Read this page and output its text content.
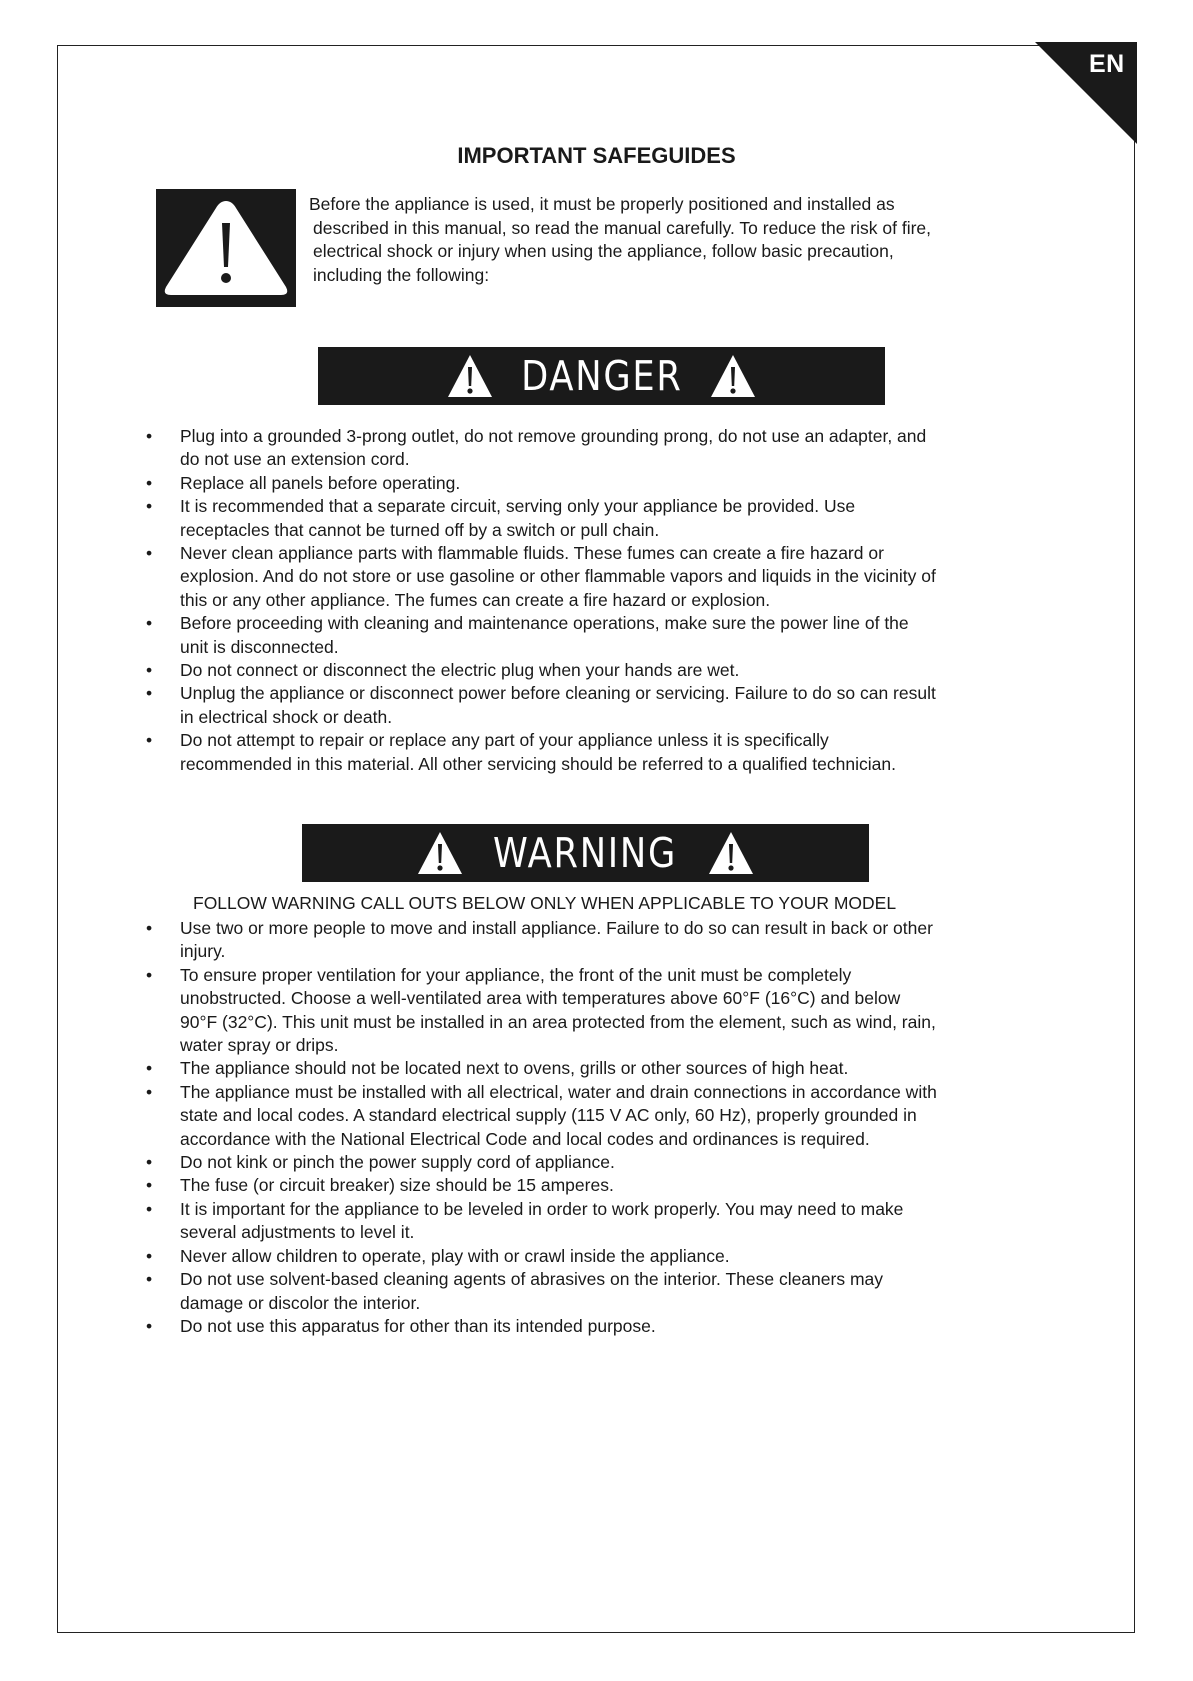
EN
IMPORTANT SAFEGUIDES
Before the appliance is used, it must be properly positioned and installed as
described in this manual, so read the manual carefully. To reduce the risk of fire,
electrical shock or injury when using the appliance, follow basic precaution,
including the following:
DANGER
• Plug into a grounded 3-prong outlet, do not remove grounding prong, do not use an adapter, and
do not use an extension cord.
• Replace all panels before operating.
• It is recommended that a separate circuit, serving only your appliance be provided. Use
receptacles that cannot be turned off by a switch or pull chain.
• Never clean appliance parts with flammable fluids. These fumes can create a fire hazard or
explosion. And do not store or use gasoline or other flammable vapors and liquids in the vicinity of
this or any other appliance. The fumes can create a fire hazard or explosion.
• Before proceeding with cleaning and maintenance operations, make sure the power line of the
unit is disconnected.
• Do not connect or disconnect the electric plug when your hands are wet.
• Unplug the appliance or disconnect power before cleaning or servicing. Failure to do so can result
in electrical shock or death.
• Do not attempt to repair or replace any part of your appliance unless it is specifically
recommended in this material. All other servicing should be referred to a qualified technician.
WARNING
FOLLOW WARNING CALL OUTS BELOW ONLY WHEN APPLICABLE TO YOUR MODEL
• Use two or more people to move and install appliance. Failure to do so can result in back or other
injury.
• To ensure proper ventilation for your appliance, the front of the unit must be completely
unobstructed. Choose a well-ventilated area with temperatures above 60°F (16°C) and below
90°F (32°C). This unit must be installed in an area protected from the element, such as wind, rain,
water spray or drips.
• The appliance should not be located next to ovens, grills or other sources of high heat.
• The appliance must be installed with all electrical, water and drain connections in accordance with
state and local codes. A standard electrical supply (115 V AC only, 60 Hz), properly grounded in
accordance with the National Electrical Code and local codes and ordinances is required.
• Do not kink or pinch the power supply cord of appliance.
• The fuse (or circuit breaker) size should be 15 amperes.
• It is important for the appliance to be leveled in order to work properly. You may need to make
several adjustments to level it.
• Never allow children to operate, play with or crawl inside the appliance.
• Do not use solvent-based cleaning agents of abrasives on the interior. These cleaners may
damage or discolor the interior.
• Do not use this apparatus for other than its intended purpose.
